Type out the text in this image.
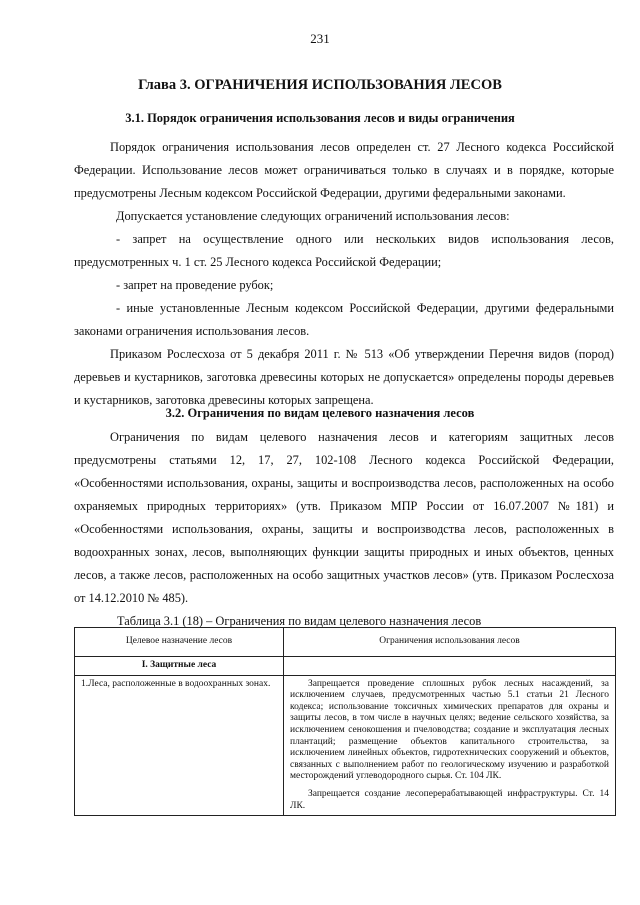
231
Глава 3. ОГРАНИЧЕНИЯ ИСПОЛЬЗОВАНИЯ ЛЕСОВ
3.1. Порядок ограничения использования лесов и виды ограничения

Порядок ограничения использования лесов определен ст. 27 Лесного кодекса Российской Федерации. Использование лесов может ограничиваться только в случаях и в порядке, которые предусмотрены Лесным кодексом Российской Федерации, другими федеральными законами.

Допускается установление следующих ограничений использования лесов:

- запрет на осуществление одного или нескольких видов использования лесов, предусмотренных ч. 1 ст. 25 Лесного кодекса Российской Федерации;

- запрет на проведение рубок;

- иные установленные Лесным кодексом Российской Федерации, другими федеральными законами ограничения использования лесов.

Приказом Рослесхоза от 5 декабря 2011 г. № 513 «Об утверждении Перечня видов (пород) деревьев и кустарников, заготовка древесины которых не допускается» определены породы деревьев и кустарников, заготовка древесины которых запрещена.

3.2. Ограничения по видам целевого назначения лесов

Ограничения по видам целевого назначения лесов и категориям защитных лесов предусмотрены статьями 12, 17, 27, 102-108 Лесного кодекса Российской Федерации, «Особенностями использования, охраны, защиты и воспроизводства лесов, расположенных на особо охраняемых природных территориях» (утв. Приказом МПР России от 16.07.2007 №181) и «Особенностями использования, охраны, защиты и воспроизводства лесов, расположенных в водоохранных зонах, лесов, выполняющих функции защиты природных и иных объектов, ценных лесов, а также лесов, расположенных на особо защитных участков лесов» (утв. Приказом Рослесхоза от 14.12.2010 № 485).

Таблица 3.1 (18) – Ограничения по видам целевого назначения лесов
Целевое назначение лесов	Ограничения использования лесов
I. Защитные леса	
1.Леса, расположенные в водоохранных зонах.	Запрещается проведение сплошных рубок лесных насаждений, за исключением случаев, предусмотренных частью 5.1 статьи 21 Лесного кодекса; использование токсичных химических препаратов для охраны и защиты лесов, в том числе в научных целях; ведение сельского хозяйства, за исключением сенокошения и пчеловодства; создание и эксплуатация лесных плантаций; размещение объектов капитального строительства, за исключением линейных объектов, гидротехнических сооружений и объектов, связанных с выполнением работ по геологическому изучению и разработкой месторождений углеводородного сырья. Ст. 104 ЛК.

Запрещается создание лесоперерабатывающей инфраструктуры. Ст. 14 ЛК.
